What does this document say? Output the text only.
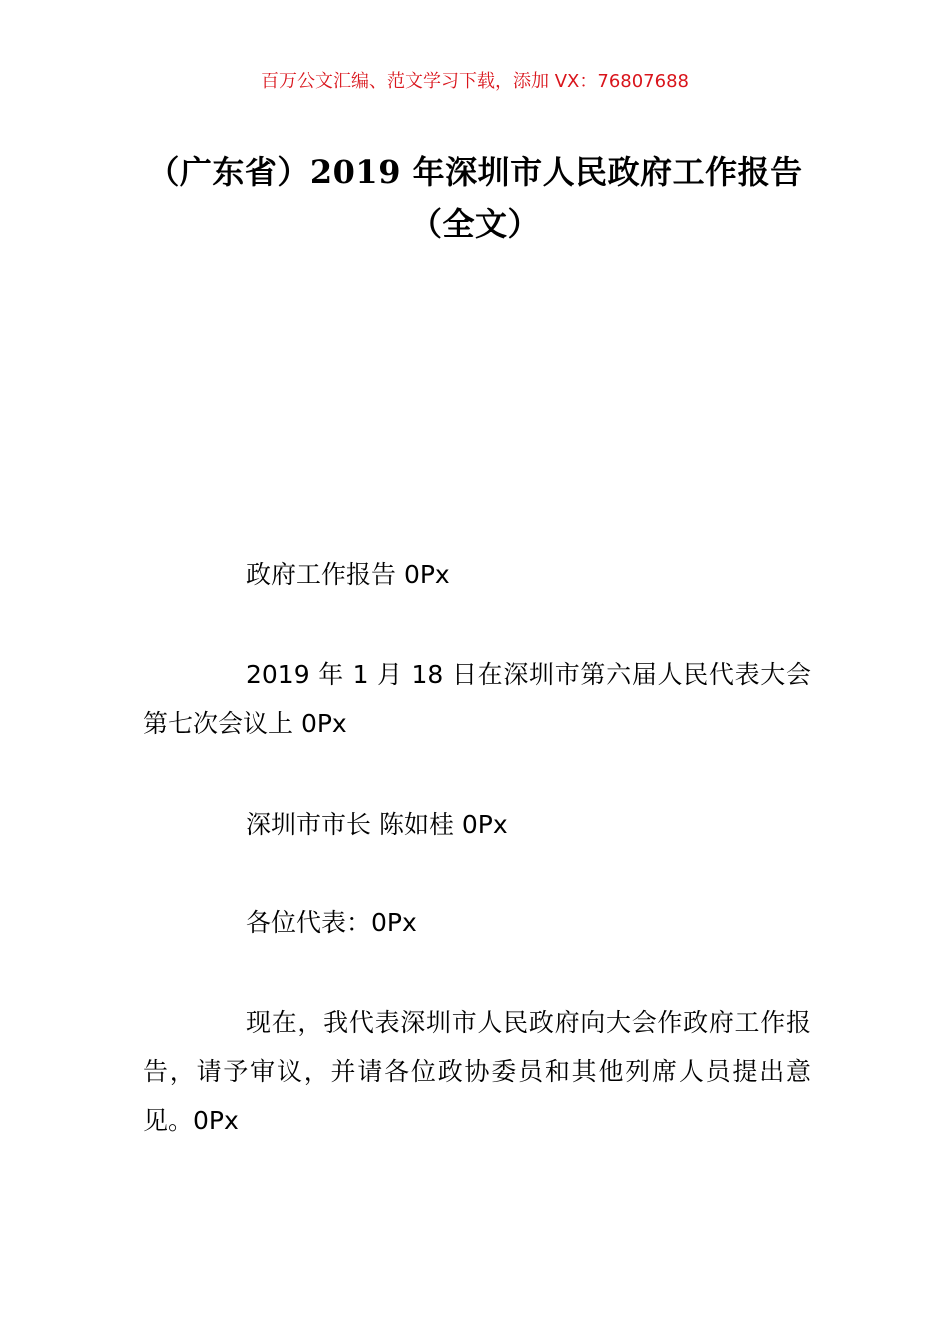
百万公文汇编、范文学习下载，添加 VX：76807688
（广东省）2019 年深圳市人民政府工作报告（全文）

政府工作报告 0Px

2019 年 1 月 18 日在深圳市第六届人民代表大会第七次会议上 0Px

深圳市市长 陈如桂 0Px

各位代表：0Px

现在，我代表深圳市人民政府向大会作政府工作报告，请予审议，并请各位政协委员和其他列席人员提出意见。0Px
